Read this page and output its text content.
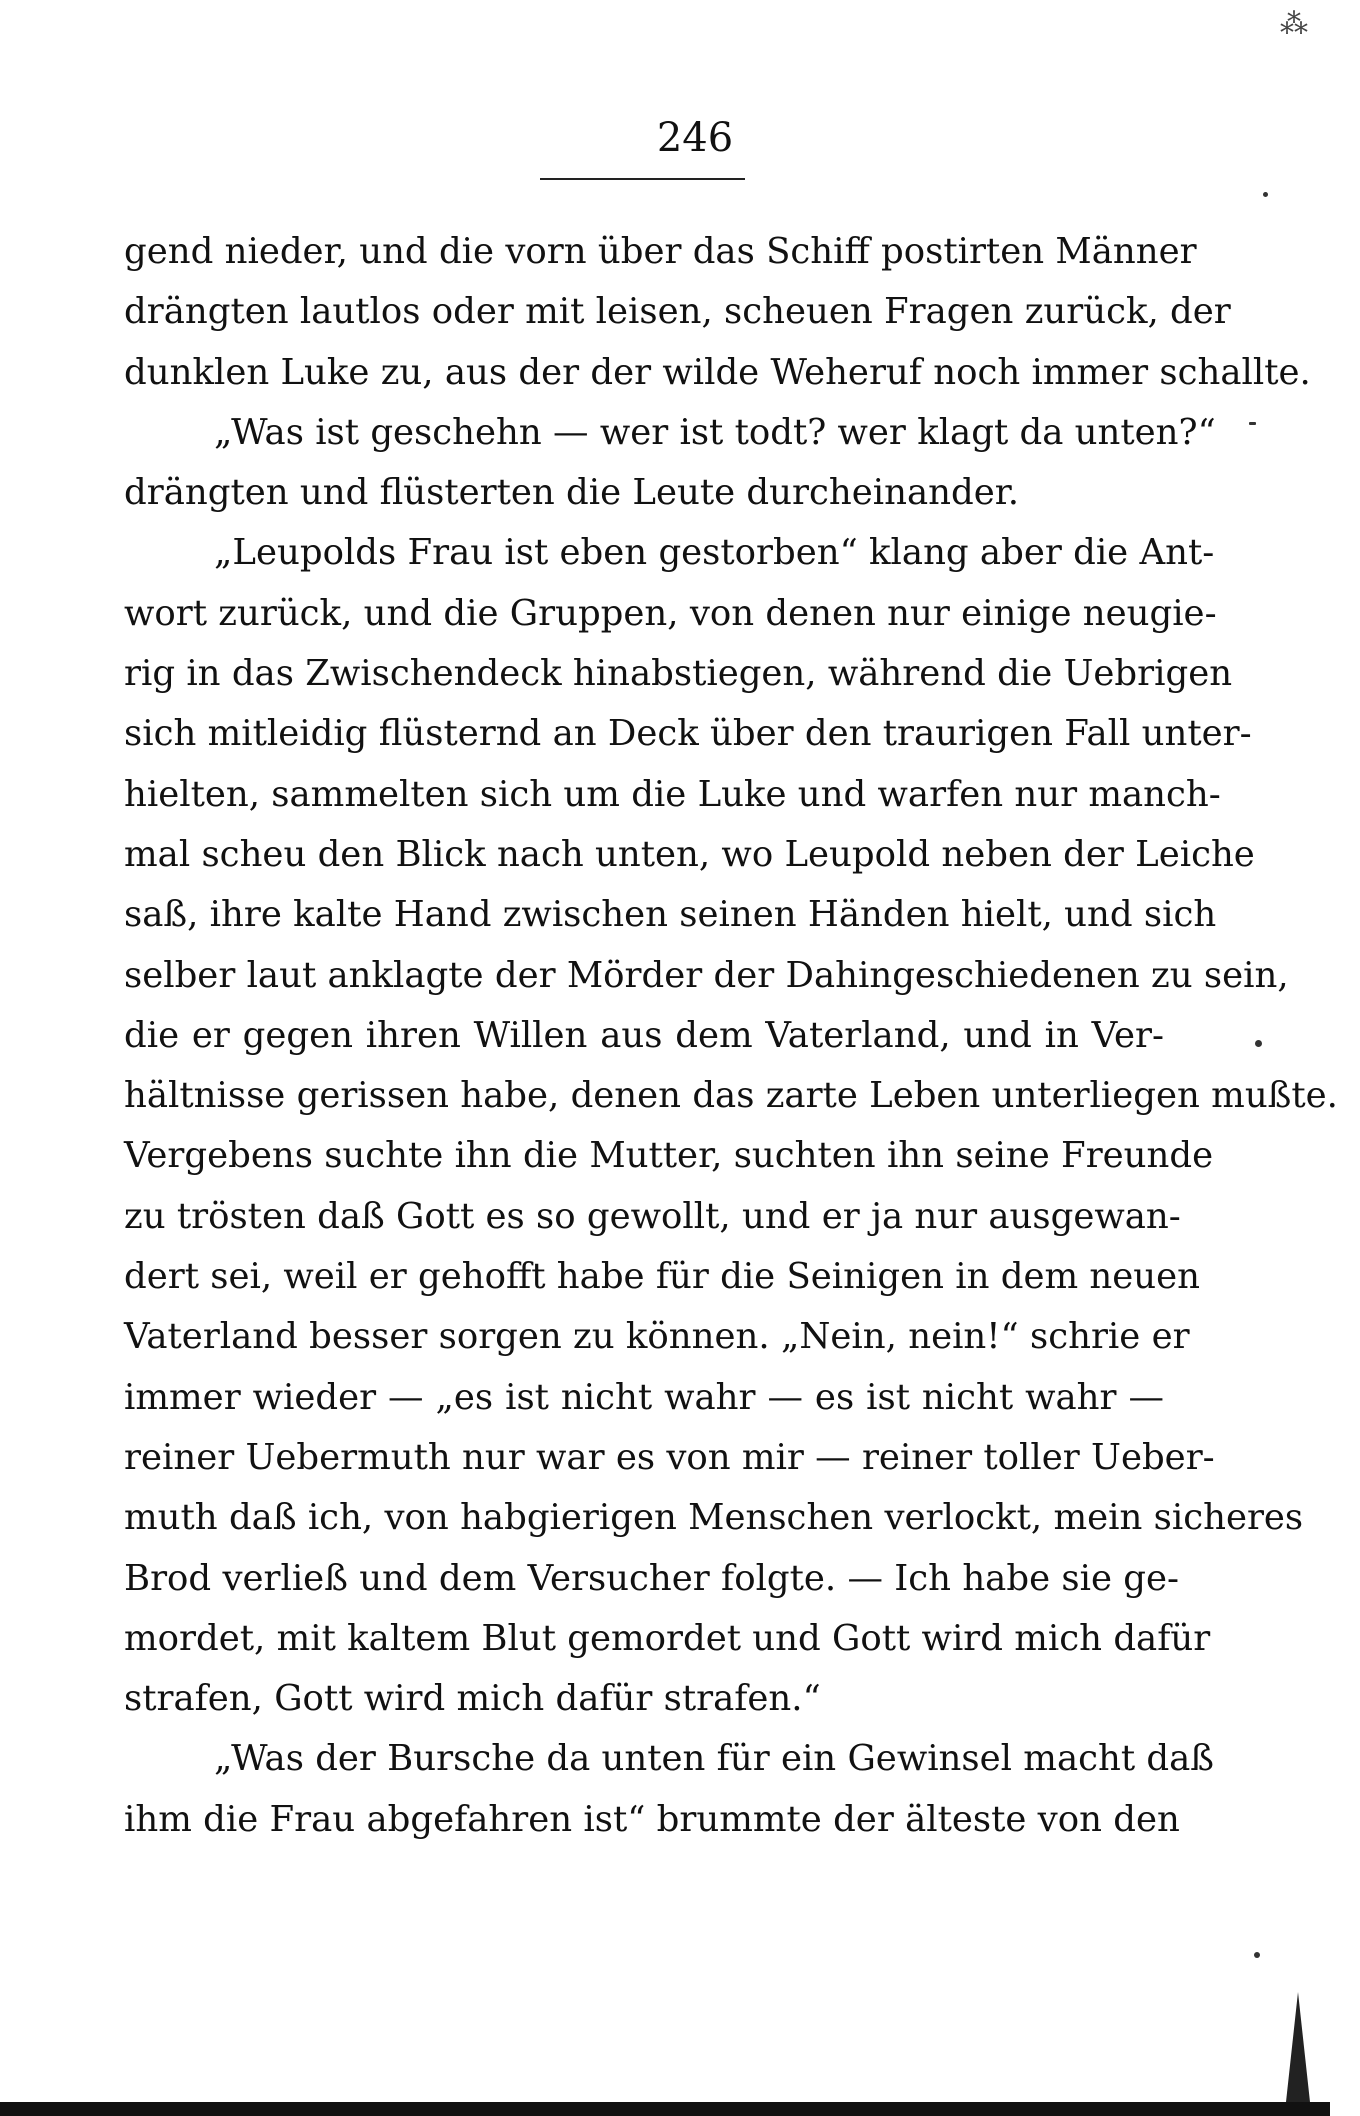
⁂
246
gend nieder, und die vorn über das Schiff postirten Männer
drängten lautlos oder mit leisen, scheuen Fragen zurück, der
dunklen Luke zu, aus der der wilde Weheruf noch immer schallte.
„Was ist geschehn — wer ist todt? wer klagt da unten?“
drängten und flüsterten die Leute durcheinander.
„Leupolds Frau ist eben gestorben“ klang aber die Ant-
wort zurück, und die Gruppen, von denen nur einige neugie-
rig in das Zwischendeck hinabstiegen, während die Uebrigen
sich mitleidig flüsternd an Deck über den traurigen Fall unter-
hielten, sammelten sich um die Luke und warfen nur manch-
mal scheu den Blick nach unten, wo Leupold neben der Leiche
saß, ihre kalte Hand zwischen seinen Händen hielt, und sich
selber laut anklagte der Mörder der Dahingeschiedenen zu sein,
die er gegen ihren Willen aus dem Vaterland, und in Ver-
hältnisse gerissen habe, denen das zarte Leben unterliegen mußte.
Vergebens suchte ihn die Mutter, suchten ihn seine Freunde
zu trösten daß Gott es so gewollt, und er ja nur ausgewan-
dert sei, weil er gehofft habe für die Seinigen in dem neuen
Vaterland besser sorgen zu können. „Nein, nein!“ schrie er
immer wieder — „es ist nicht wahr — es ist nicht wahr —
reiner Uebermuth nur war es von mir — reiner toller Ueber-
muth daß ich, von habgierigen Menschen verlockt, mein sicheres
Brod verließ und dem Versucher folgte. — Ich habe sie ge-
mordet, mit kaltem Blut gemordet und Gott wird mich dafür
strafen, Gott wird mich dafür strafen.“
„Was der Bursche da unten für ein Gewinsel macht daß
ihm die Frau abgefahren ist“ brummte der älteste von den
